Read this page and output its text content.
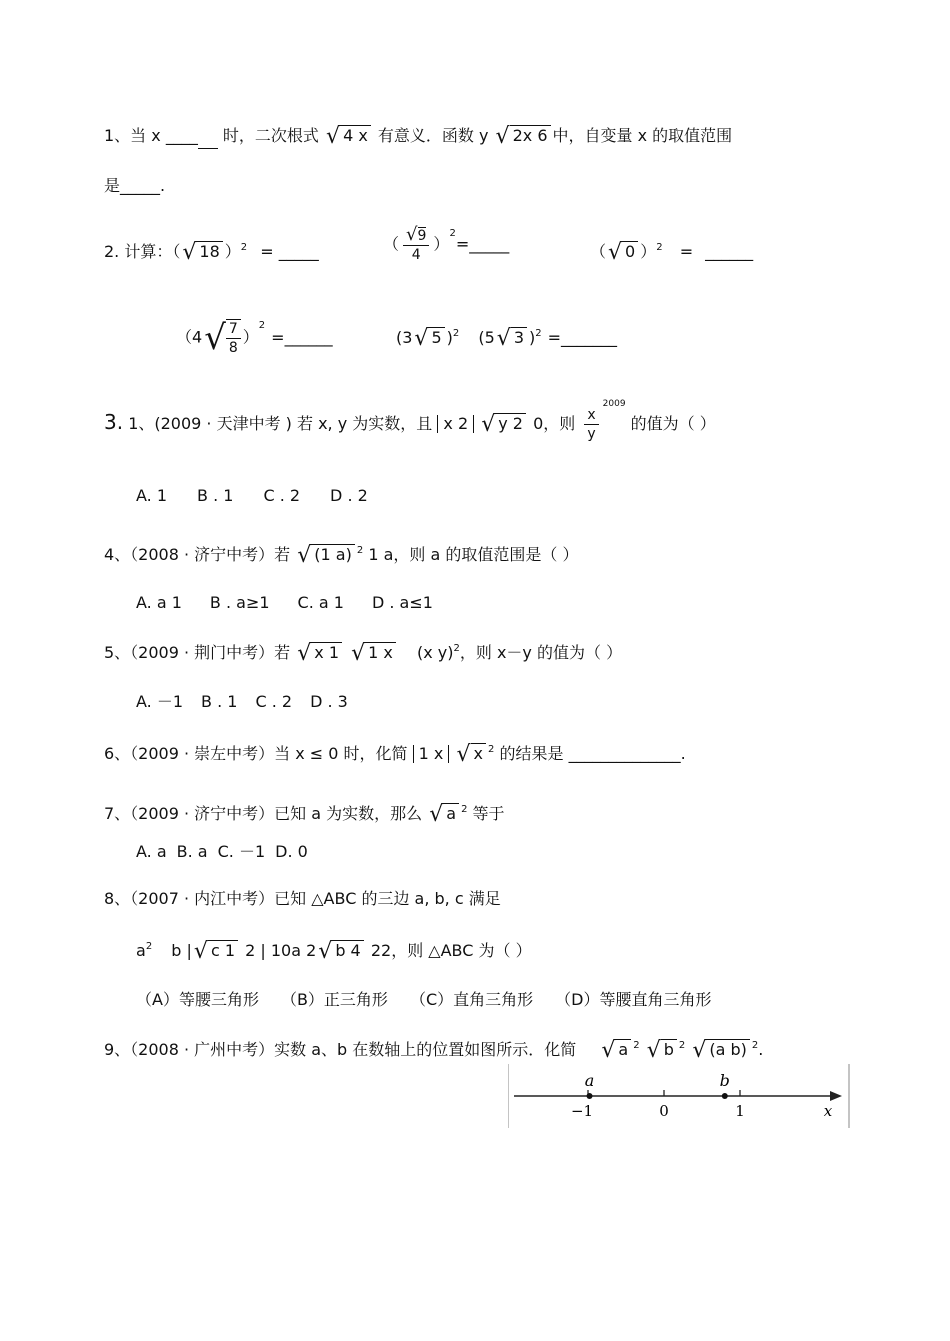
1、当 x ____ 时，二次根式 √ 4 x 有意义．函数 y √ 2x 6 中，自变量 x 的取值范围
是_____.
2. 计算：（ √ 18 ）$^2$ = _____	（ $\frac{√9}{4}$ ）$^2$=_____	（ √ 0 ）$^2$ = ______
（4 √ $\frac{7}{8}$ ）$^2$=______	(3 √ 5 )$^2$ (5 √ 3 )$^2$ =_______
3. 1、(2009 · 天津中考 ) 若 x, y 为实数，且 x 2 √ y 2 0，则 $\frac{x}{y}$
$^{2009}$ 的值为（ ）
A. 1 B . 1 C . 2 D . 2
4、（2008 · 济宁中考）若 √ (1 a) $^2$ 1 a，则 a 的取值范围是（ ）
A. a 1 B . a≥1 C. a 1 D . a≤1
5、（2009 · 荆门中考）若 √ x 1
√ 1 x (x y)$^2$，则 x－y 的值为（ ）
A. －1 B . 1 C . 2 D . 3
6、（2009 · 崇左中考）当 x ≤ 0 时，化简 1 x √ x $^2$ 的结果是 ______________.
7、（2009 · 济宁中考）已知 a 为实数，那么 √ a $^2$ 等于
A. a B. a C. －1 D. 0
8、（2007 · 内江中考）已知 △ABC 的三边 a, b, c 满足
$a^2$ b | √ c 1 2 | 10a 2 √ b 4 22，则 △ABC 为（ ）
（A）等腰三角形 （B）正三角形 （C）直角三角形 （D）等腰直角三角形
9、（2008 · 广州中考）实数 a、b 在数轴上的位置如图所示．化简 √ a $^2$ √ b $^2$ √ (a b) $^2$.
a	b
−1	0	1	x
